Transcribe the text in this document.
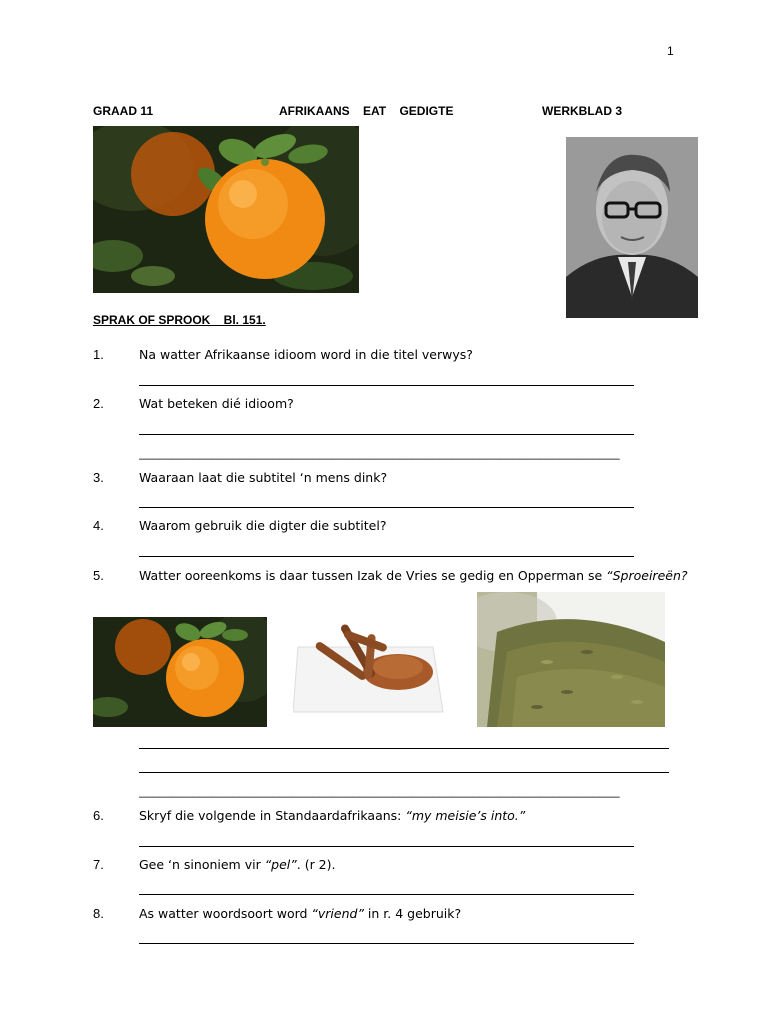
1
GRAAD 11	AFRIKAANS    EAT    GEDIGTE	WERKBLAD 3
SPRAK OF SPROOK    Bl. 151.
1.	Na watter Afrikaanse idioom word in die titel verwys?
2.	Wat beteken dié idioom?
________________________________________________________________________
3.	Waaraan laat die subtitel ‘n mens dink?
4.	Waarom gebruik die digter die subtitel?
5.	Watter ooreenkoms is daar tussen Izak de Vries se gedig en Opperman se “Sproeireën?
________________________________________________________________________
6.	Skryf die volgende in Standaardafrikaans: “my meisie’s into.”
7.	Gee ‘n sinoniem vir “pel”. (r 2).
8.	As watter woordsoort word “vriend” in r. 4 gebruik?
